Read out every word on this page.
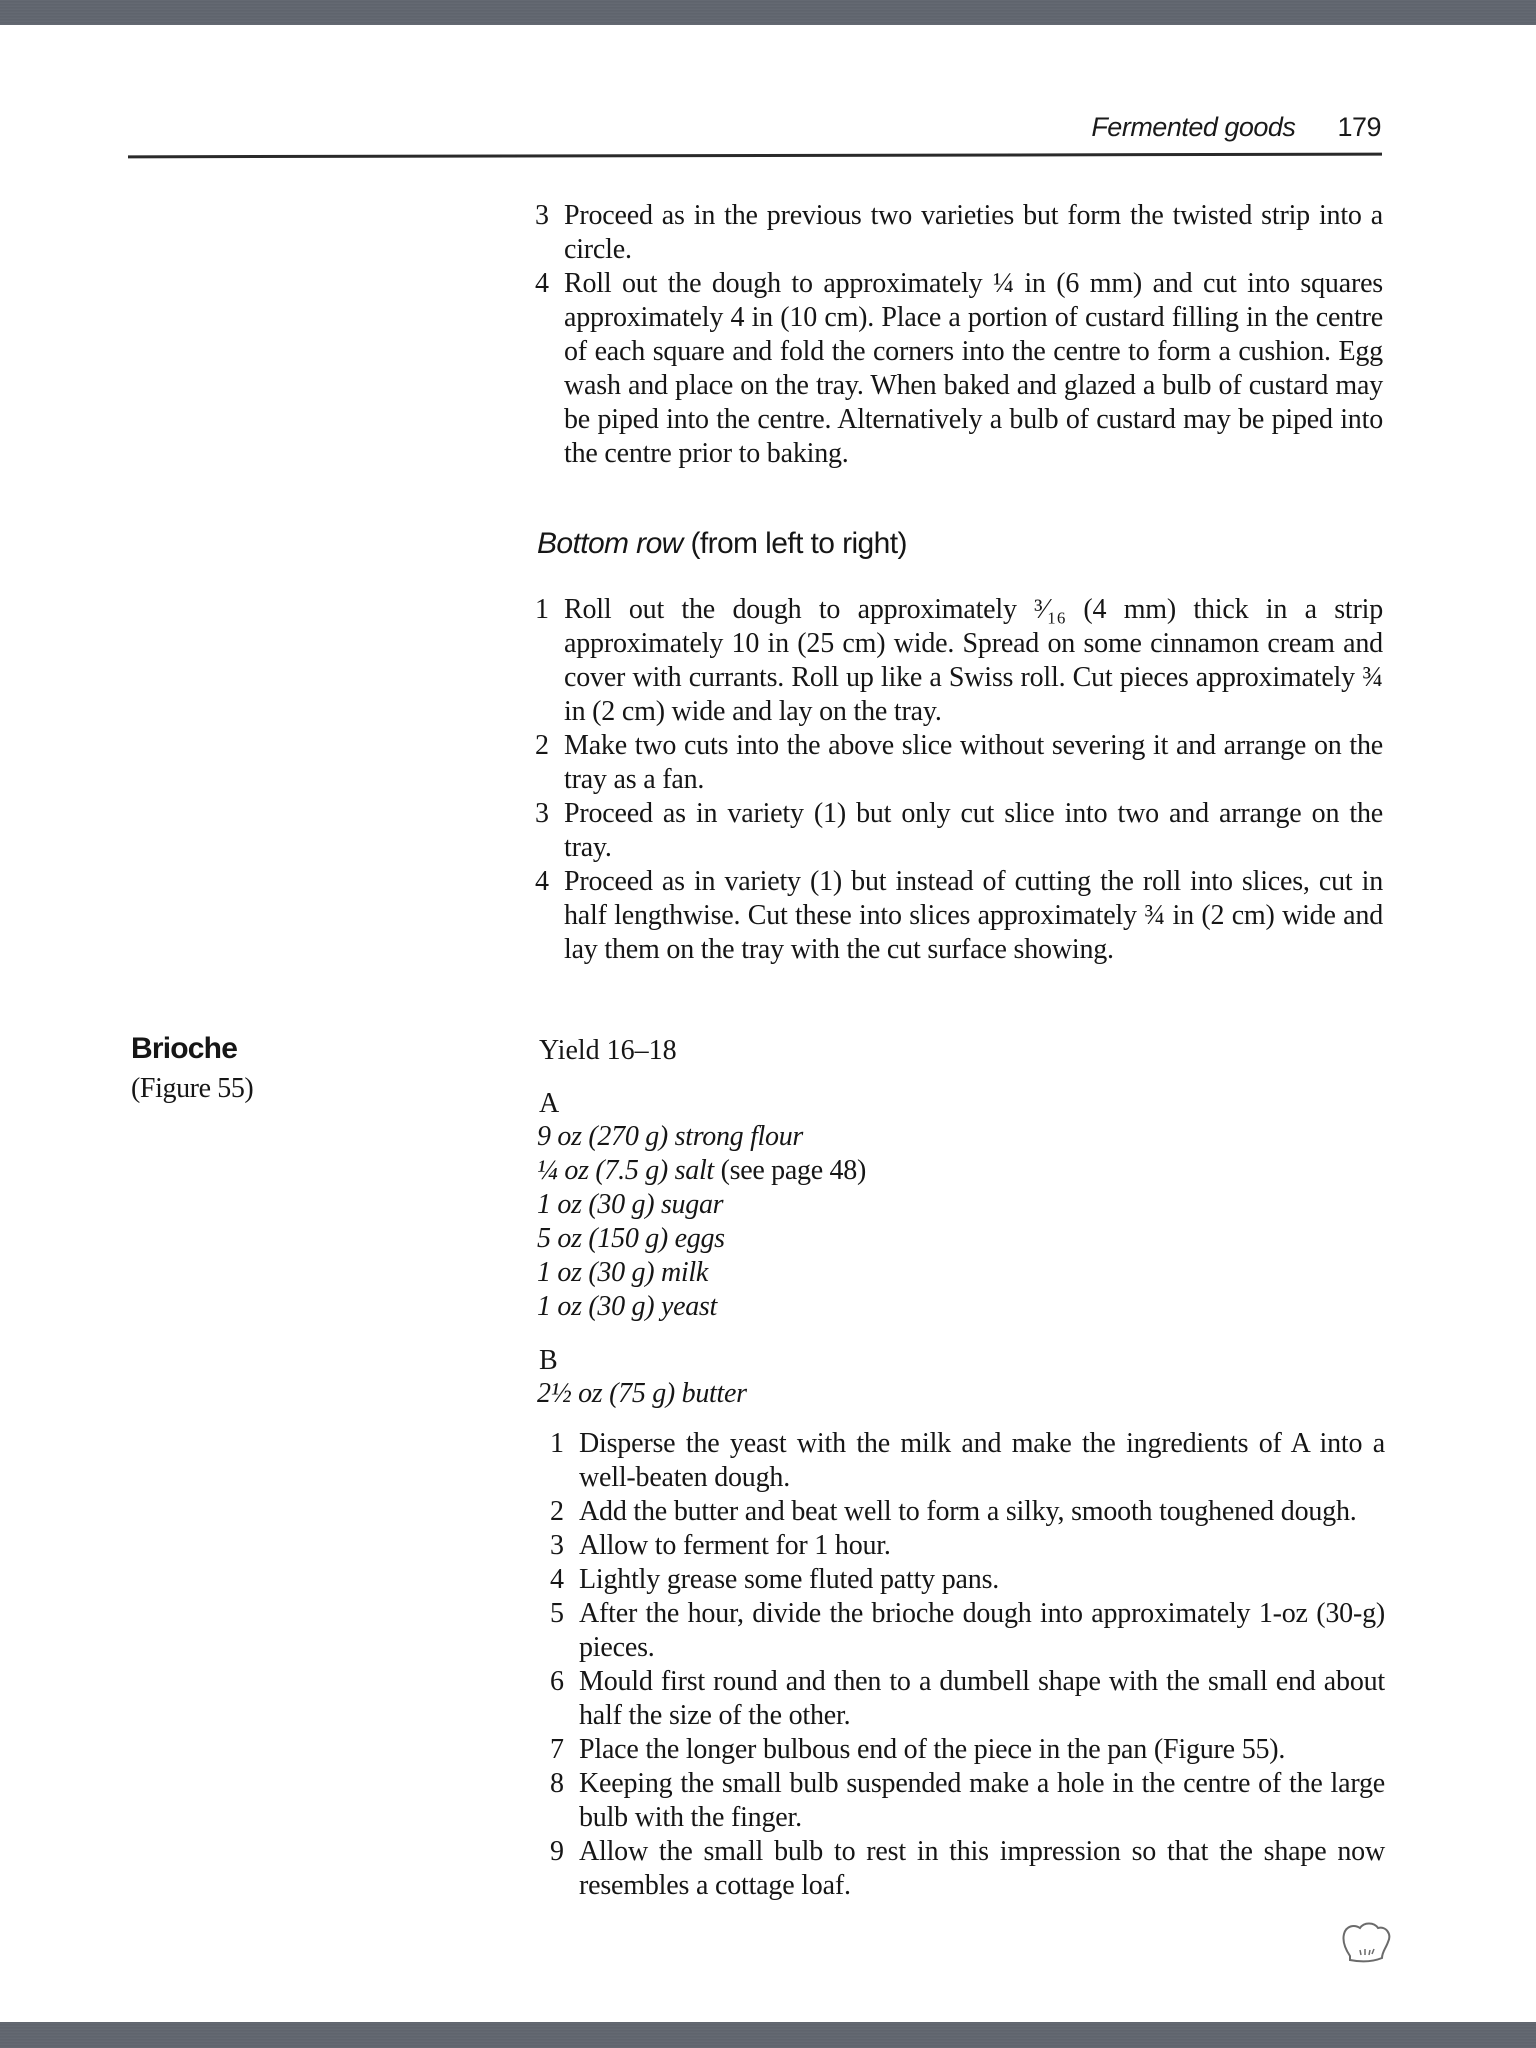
Fermented goods 179
3 Proceed as in the previous two varieties but form the twisted strip into a circle.
4 Roll out the dough to approximately ¼ in (6 mm) and cut into squares approximately 4 in (10 cm). Place a portion of custard filling in the centre of each square and fold the corners into the centre to form a cushion. Egg wash and place on the tray. When baked and glazed a bulb of custard may be piped into the centre. Alternatively a bulb of custard may be piped into the centre prior to baking.
Bottom row (from left to right)
1 Roll out the dough to approximately ³⁄₁₆ (4 mm) thick in a strip approximately 10 in (25 cm) wide. Spread on some cinnamon cream and cover with currants. Roll up like a Swiss roll. Cut pieces approximately ¾ in (2 cm) wide and lay on the tray.
2 Make two cuts into the above slice without severing it and arrange on the tray as a fan.
3 Proceed as in variety (1) but only cut slice into two and arrange on the tray.
4 Proceed as in variety (1) but instead of cutting the roll into slices, cut in half lengthwise. Cut these into slices approximately ¾ in (2 cm) wide and lay them on the tray with the cut surface showing.
Brioche
(Figure 55)
Yield 16–18
A
9 oz (270 g) strong flour
¼ oz (7.5 g) salt (see page 48)
1 oz (30 g) sugar
5 oz (150 g) eggs
1 oz (30 g) milk
1 oz (30 g) yeast
B
2½ oz (75 g) butter
1 Disperse the yeast with the milk and make the ingredients of A into a well-beaten dough.
2 Add the butter and beat well to form a silky, smooth toughened dough.
3 Allow to ferment for 1 hour.
4 Lightly grease some fluted patty pans.
5 After the hour, divide the brioche dough into approximately 1-oz (30-g) pieces.
6 Mould first round and then to a dumbell shape with the small end about half the size of the other.
7 Place the longer bulbous end of the piece in the pan (Figure 55).
8 Keeping the small bulb suspended make a hole in the centre of the large bulb with the finger.
9 Allow the small bulb to rest in this impression so that the shape now resembles a cottage loaf.
